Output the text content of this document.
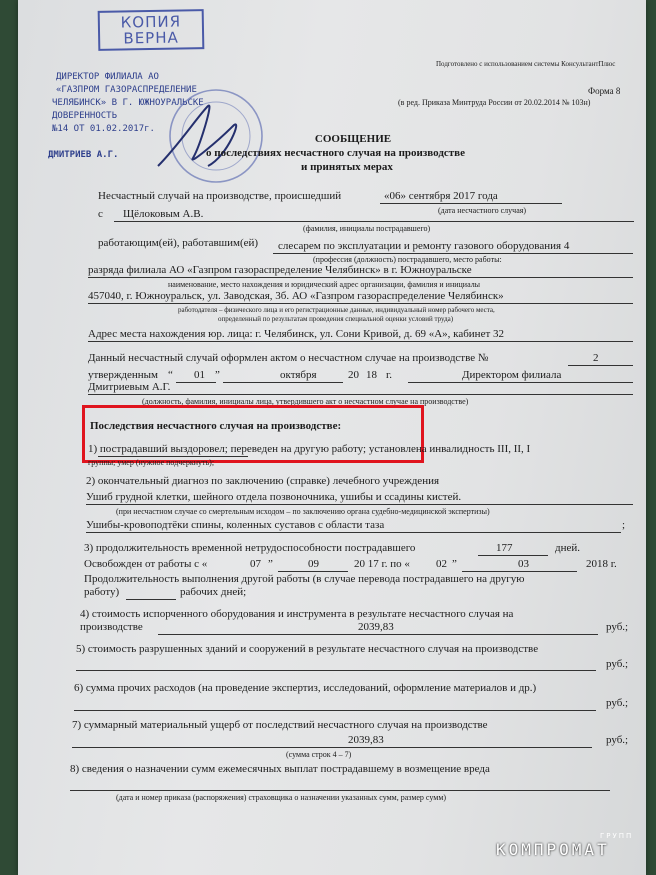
КОПИЯ
ВЕРНА
Подготовлено с использованием системы КонсультантПлюс
Форма 8
(в ред. Приказа Минтруда России от 20.02.2014 № 103н)
ДИРЕКТОР ФИЛИАЛА АО
«ГАЗПРОМ ГАЗОРАСПРЕДЕЛЕНИЕ
ЧЕЛЯБИНСК» В Г. ЮЖНОУРАЛЬСКЕ
ДОВЕРЕННОСТЬ
№14 ОТ 01.02.2017г.
ДМИТРИЕВ А.Г.
СООБЩЕНИЕ
о последствиях несчастного случая на производстве
и принятых мерах
Несчастный случай на производстве, происшедший	«06» сентября 2017 года
(дата несчастного случая)
с Щёлоковым А.В.
(фамилия, инициалы пострадавшего)
работающим(ей), работавшим(ей) слесарем по эксплуатации и ремонту газового оборудования 4
(профессия (должность) пострадавшего, место работы:
разряда филиала АО «Газпром газораспределение Челябинск» в г. Южноуральске
наименование, место нахождения и юридический адрес организации, фамилия и инициалы
457040, г. Южноуральск, ул. Заводская, 3б. АО «Газпром газораспределение Челябинск»
работодателя – физического лица и его регистрационные данные, индивидуальный номер рабочего места,
определенный по результатам проведения специальной оценки условий труда)
Адрес места нахождения юр. лица: г. Челябинск, ул. Сони Кривой, д. 69 «А», кабинет 32
Данный несчастный случай оформлен актом о несчастном случае на производстве №	2
утвержденным “ 01 ”	октября	20 18 г.	Директором филиала
Дмитриевым А.Г.
(должность, фамилия, инициалы лица, утвердившего акт о несчастном случае на производстве)
Последствия несчастного случая на производстве:
1) пострадавший выздоровел; переведен на другую работу; установлена инвалидность III, II, I
группы; умер (нужное подчеркнуть);
2) окончательный диагноз по заключению (справке) лечебного учреждения
Ушиб грудной клетки, шейного отдела позвоночника, ушибы и ссадины кистей.
(при несчастном случае со смертельным исходом – по заключению органа судебно-медицинской экспертизы)
Ушибы-кровоподтёки спины, коленных суставов с области таза	;
3) продолжительность временной нетрудоспособности пострадавшего	177	дней.
Освобожден от работы с «	07 ”	09	20 17 г. по « 02 ”	03	2018 г.
Продолжительность выполнения другой работы (в случае перевода пострадавшего на другую
работу)	рабочих дней;
4) стоимость испорченного оборудования и инструмента в результате несчастного случая на
производстве	2039,83	руб.;
5) стоимость разрушенных зданий и сооружений в результате несчастного случая на производстве
руб.;
6) сумма прочих расходов (на проведение экспертиз, исследований, оформление материалов и др.)
руб.;
7) суммарный материальный ущерб от последствий несчастного случая на производстве
2039,83	руб.;
(сумма строк 4 – 7)
8) сведения о назначении сумм ежемесячных выплат пострадавшему в возмещение вреда
(дата и номер приказа (распоряжения) страховщика о назначении указанных сумм, размер сумм)
ГРУПП
КОМПРОМАТ
